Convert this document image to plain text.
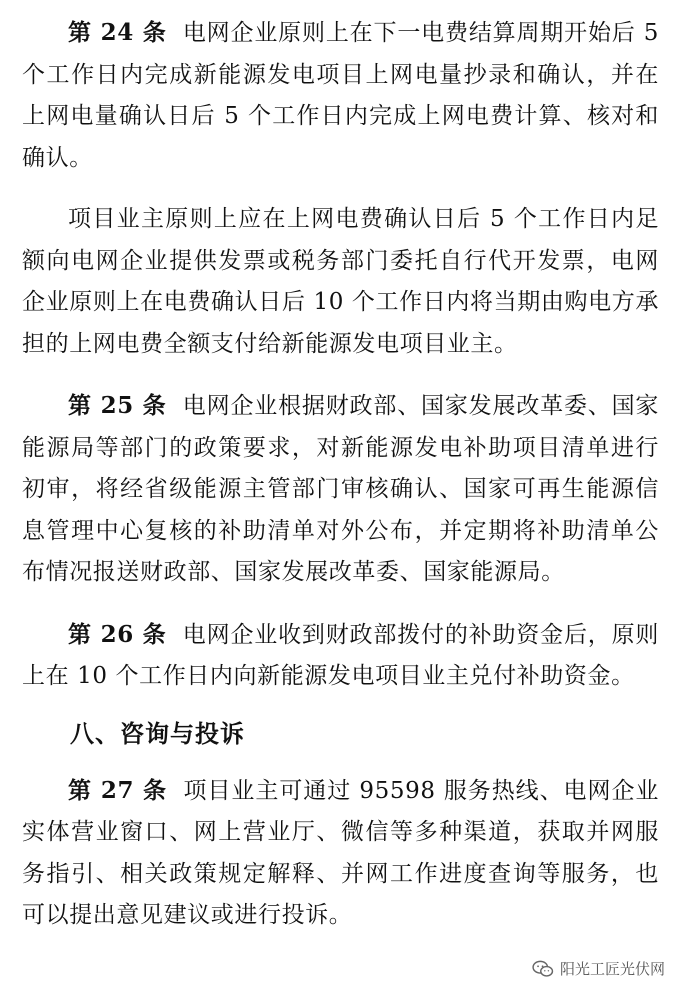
第 24 条 电网企业原则上在下一电费结算周期开始后 5 个工作日内完成新能源发电项目上网电量抄录和确认，并在上网电量确认日后 5 个工作日内完成上网电费计算、核对和确认。

项目业主原则上应在上网电费确认日后 5 个工作日内足额向电网企业提供发票或税务部门委托自行代开发票，电网企业原则上在电费确认日后 10 个工作日内将当期由购电方承担的上网电费全额支付给新能源发电项目业主。

第 25 条 电网企业根据财政部、国家发展改革委、国家能源局等部门的政策要求，对新能源发电补助项目清单进行初审，将经省级能源主管部门审核确认、国家可再生能源信息管理中心复核的补助清单对外公布，并定期将补助清单公布情况报送财政部、国家发展改革委、国家能源局。

第 26 条 电网企业收到财政部拨付的补助资金后，原则上在 10 个工作日内向新能源发电项目业主兑付补助资金。

八、咨询与投诉

第 27 条 项目业主可通过 95598 服务热线、电网企业实体营业窗口、网上营业厅、微信等多种渠道，获取并网服务指引、相关政策规定解释、并网工作进度查询等服务，也可以提出意见建议或进行投诉。

阳光工匠光伏网
